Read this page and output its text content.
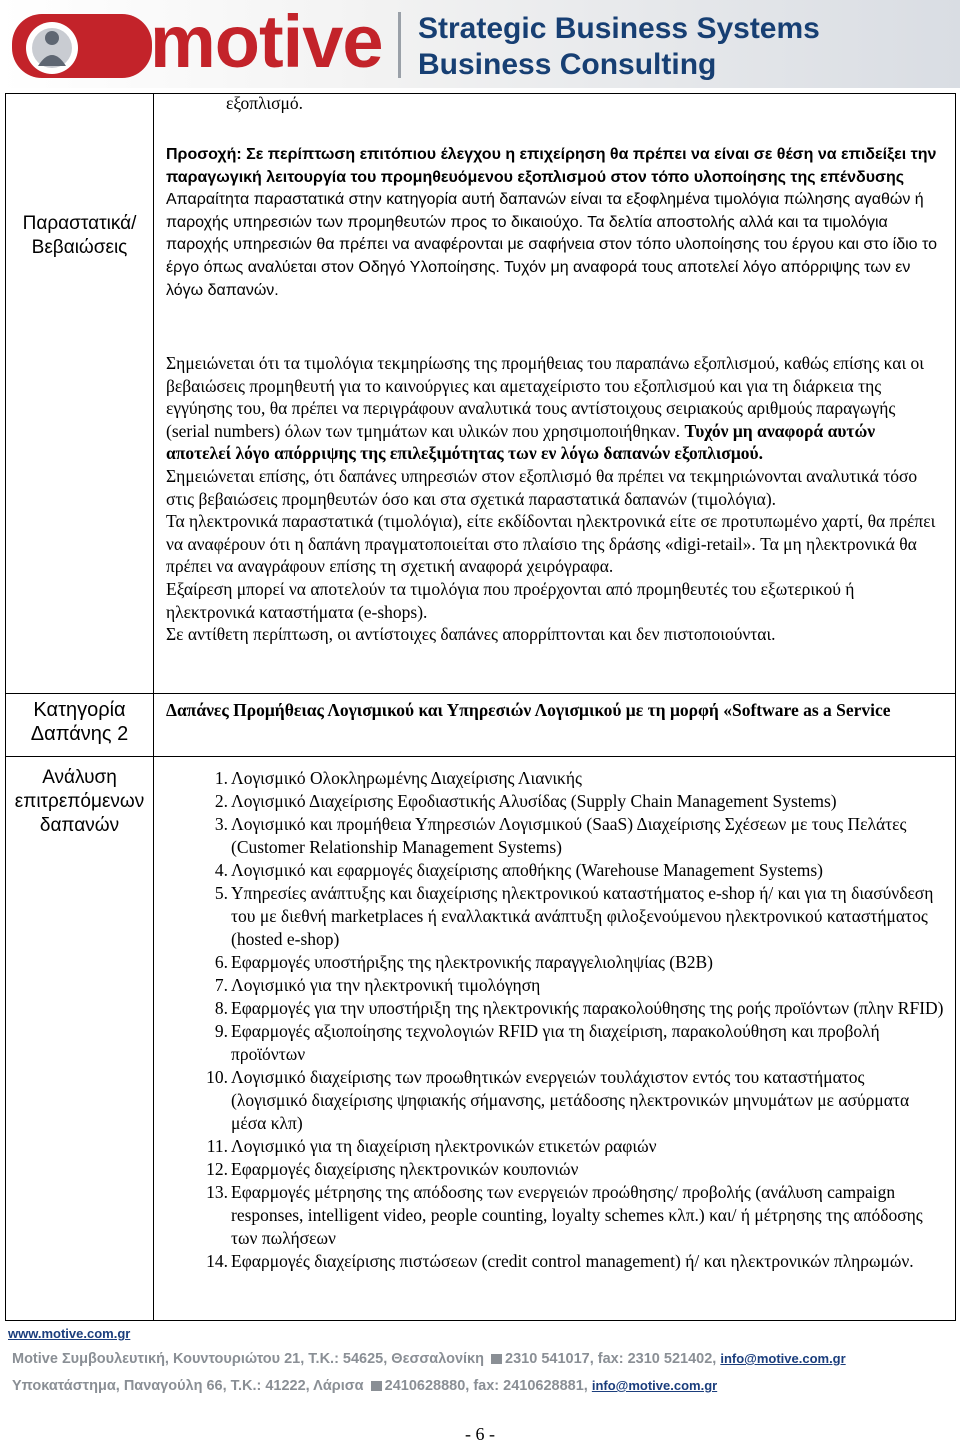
motive Strategic Business Systems
Business Consulting
Παραστατικά/
Βεβαιώσεις
Κατηγορία
Δαπάνης 2
Ανάλυση
επιτρεπόμενων
δαπανών
εξοπλισμό.

Προσοχή: Σε περίπτωση επιτόπιου έλεγχου η επιχείρηση θα πρέπει να είναι σε θέση να επιδείξει την παραγωγική λειτουργία του προμηθευόμενου εξοπλισμού στον τόπο υλοποίησης της επένδυσης

Απαραίτητα παραστατικά στην κατηγορία αυτή δαπανών είναι τα εξοφλημένα τιμολόγια πώλησης αγαθών ή παροχής υπηρεσιών των προμηθευτών προς το δικαιούχο. Τα δελτία αποστολής αλλά και τα τιμολόγια παροχής υπηρεσιών θα πρέπει να αναφέρονται με σαφήνεια στον τόπο υλοποίησης του έργου και στο ίδιο το έργο όπως αναλύεται στον Οδηγό Υλοποίησης. Τυχόν μη αναφορά τους αποτελεί λόγο απόρριψης των εν λόγω δαπανών.

Σημειώνεται ότι τα τιμολόγια τεκμηρίωσης της προμήθειας του παραπάνω εξοπλισμού, καθώς επίσης και οι βεβαιώσεις προμηθευτή για το καινούργιες και αμεταχείριστο του εξοπλισμού και για τη διάρκεια της εγγύησης του, θα πρέπει να περιγράφουν αναλυτικά τους αντίστοιχους σειριακούς αριθμούς παραγωγής (serial numbers) όλων των τμημάτων και υλικών που χρησιμοποιήθηκαν. Τυχόν μη αναφορά αυτών αποτελεί λόγο απόρριψης της επιλεξιμότητας των εν λόγω δαπανών εξοπλισμού.

Σημειώνεται επίσης, ότι δαπάνες υπηρεσιών στον εξοπλισμό θα πρέπει να τεκμηριώνονται αναλυτικά τόσο στις βεβαιώσεις προμηθευτών όσο και στα σχετικά παραστατικά δαπανών (τιμολόγια).

Τα ηλεκτρονικά παραστατικά (τιμολόγια), είτε εκδίδονται ηλεκτρονικά είτε σε προτυπωμένο χαρτί, θα πρέπει να αναφέρουν ότι η δαπάνη πραγματοποιείται στο πλαίσιο της δράσης «digi-retail». Τα μη ηλεκτρονικά θα πρέπει να αναγράφουν επίσης τη σχετική αναφορά χειρόγραφα.

Εξαίρεση μπορεί να αποτελούν τα τιμολόγια που προέρχονται από προμηθευτές του εξωτερικού ή ηλεκτρονικά καταστήματα (e-shops).

Σε αντίθετη περίπτωση, οι αντίστοιχες δαπάνες απορρίπτονται και δεν πιστοποιούνται.

Δαπάνες Προμήθειας Λογισμικού και Υπηρεσιών Λογισμικού με τη μορφή «Software as a Service
1. Λογισμικό Ολοκληρωμένης Διαχείρισης Λιανικής
2. Λογισμικό Διαχείρισης Εφοδιαστικής Αλυσίδας (Supply Chain Management Systems)
3. Λογισμικό και προμήθεια Υπηρεσιών Λογισμικού (SaaS) Διαχείρισης Σχέσεων με τους Πελάτες (Customer Relationship Management Systems)
4. Λογισμικό και εφαρμογές διαχείρισης αποθήκης (Warehouse Management Systems)
5. Υπηρεσίες ανάπτυξης και διαχείρισης ηλεκτρονικού καταστήματος e-shop ή/ και για τη διασύνδεση του με διεθνή marketplaces ή εναλλακτικά ανάπτυξη φιλοξενούμενου ηλεκτρονικού καταστήματος (hosted e-shop)
6. Εφαρμογές υποστήριξης της ηλεκτρονικής παραγγελιοληψίας (B2B)
7. Λογισμικό για την ηλεκτρονική τιμολόγηση
8. Εφαρμογές για την υποστήριξη της ηλεκτρονικής παρακολούθησης της ροής προϊόντων (πλην RFID)
9. Εφαρμογές αξιοποίησης τεχνολογιών RFID για τη διαχείριση, παρακολούθηση και προβολή προϊόντων
10. Λογισμικό διαχείρισης των προωθητικών ενεργειών τουλάχιστον εντός του καταστήματος (λογισμικό διαχείρισης ψηφιακής σήμανσης, μετάδοσης ηλεκτρονικών μηνυμάτων με ασύρματα μέσα κλπ)
11. Λογισμικό για τη διαχείριση ηλεκτρονικών ετικετών ραφιών
12. Εφαρμογές διαχείρισης ηλεκτρονικών κουπονιών
13. Εφαρμογές μέτρησης της απόδοσης των ενεργειών προώθησης/ προβολής (ανάλυση campaign responses, intelligent video, people counting, loyalty schemes κλπ.) και/ ή μέτρησης της απόδοσης των πωλήσεων
14. Εφαρμογές διαχείρισης πιστώσεων (credit control management) ή/ και ηλεκτρονικών πληρωμών.
www.motive.com.gr
Motive Συμβουλευτική, Κουντουριώτου 21, Τ.Κ.: 54625, Θεσσαλονίκη 2310 541017, fax: 2310 521402, info@motive.com.gr
Υποκατάστημα, Παναγούλη 66, Τ.Κ.: 41222, Λάρισα 2410628880, fax: 2410628881, info@motive.com.gr
- 6 -
